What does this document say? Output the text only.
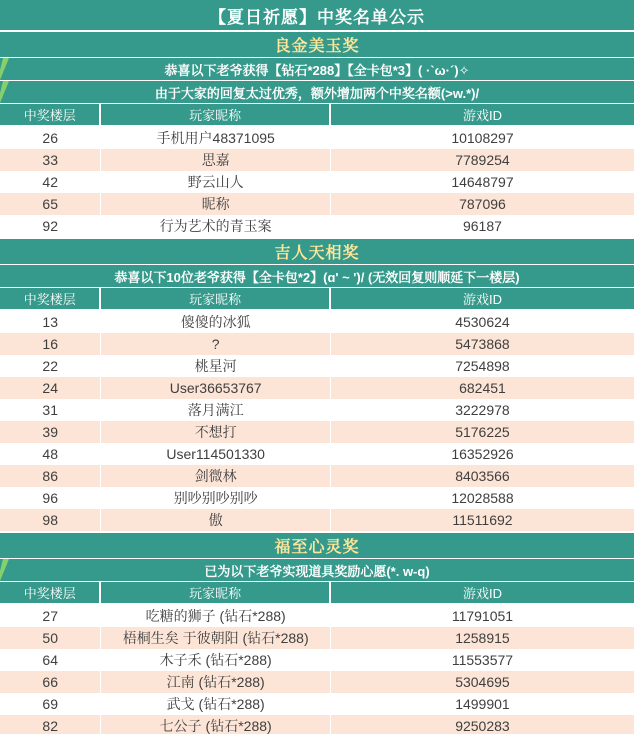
【夏日祈愿】中奖名单公示
良金美玉奖
恭喜以下老爷获得【钻石*288】【全卡包*3】( ·`ω·´)✧
由于大家的回复太过优秀，额外增加两个中奖名额(>w.*)/
中奖楼层	玩家昵称	游戏ID
26	手机用户48371095	10108297
33	思嘉	7789254
42	野云山人	14648797
65	昵称	787096
92	行为艺术的青玉案	96187
吉人天相奖
恭喜以下10位老爷获得【全卡包*2】(ɑ' ~ ')/ (无效回复则顺延下一楼层)
中奖楼层	玩家昵称	游戏ID
13	傻傻的冰狐	4530624
16	?	5473868
22	桃星河	7254898
24	User36653767	682451
31	落月满江	3222978
39	不想打	5176225
48	User114501330	16352926
86	剑微林	8403566
96	别吵别吵别吵	12028588
98	傲	11511692
福至心灵奖
已为以下老爷实现道具奖励心愿(*. w-q)
中奖楼层	玩家昵称	游戏ID
27	吃糖的狮子 (钻石*288)	11791051
50	梧桐生矣 于彼朝阳 (钻石*288)	1258915
64	木子禾 (钻石*288)	11553577
66	江南 (钻石*288)	5304695
69	武戈 (钻石*288)	1499901
82	七公子 (钻石*288)	9250283
